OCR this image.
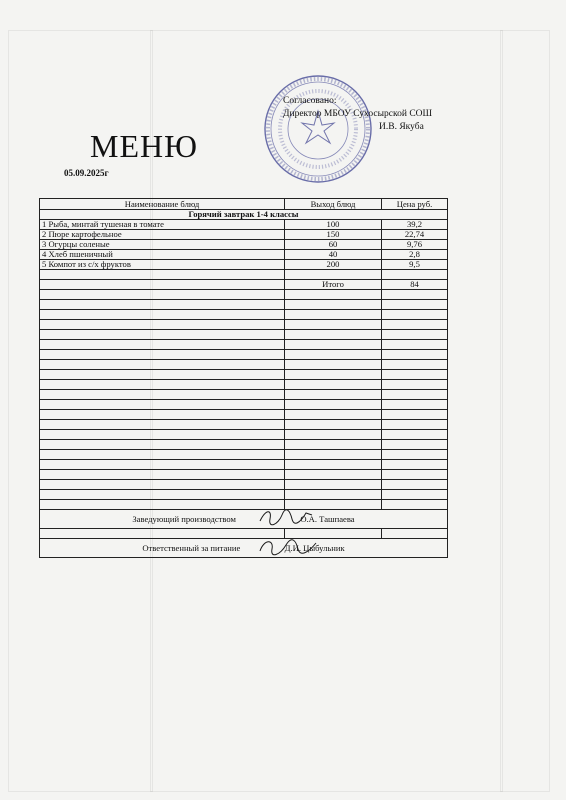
Согласовано:
Директор МБОУ Сухосырской СОШ
И.В. Якуба
МЕНЮ
05.09.2025г
Наименование блюд	Выход блюд	Цена руб.
Горячий завтрак 1-4 классы		
1 Рыба, минтай тушеная в томате	100	39,2
2 Пюре картофельное	150	22,74
3 Огурцы соленые	60	9,76
4 Хлеб пшеничный	40	2,8
5 Компот из с/х фруктов	200	9,5

	Итого	84

Заведующий производством О.А. Ташпаева		

Ответственный за питание Д.И. Цыбульник		
